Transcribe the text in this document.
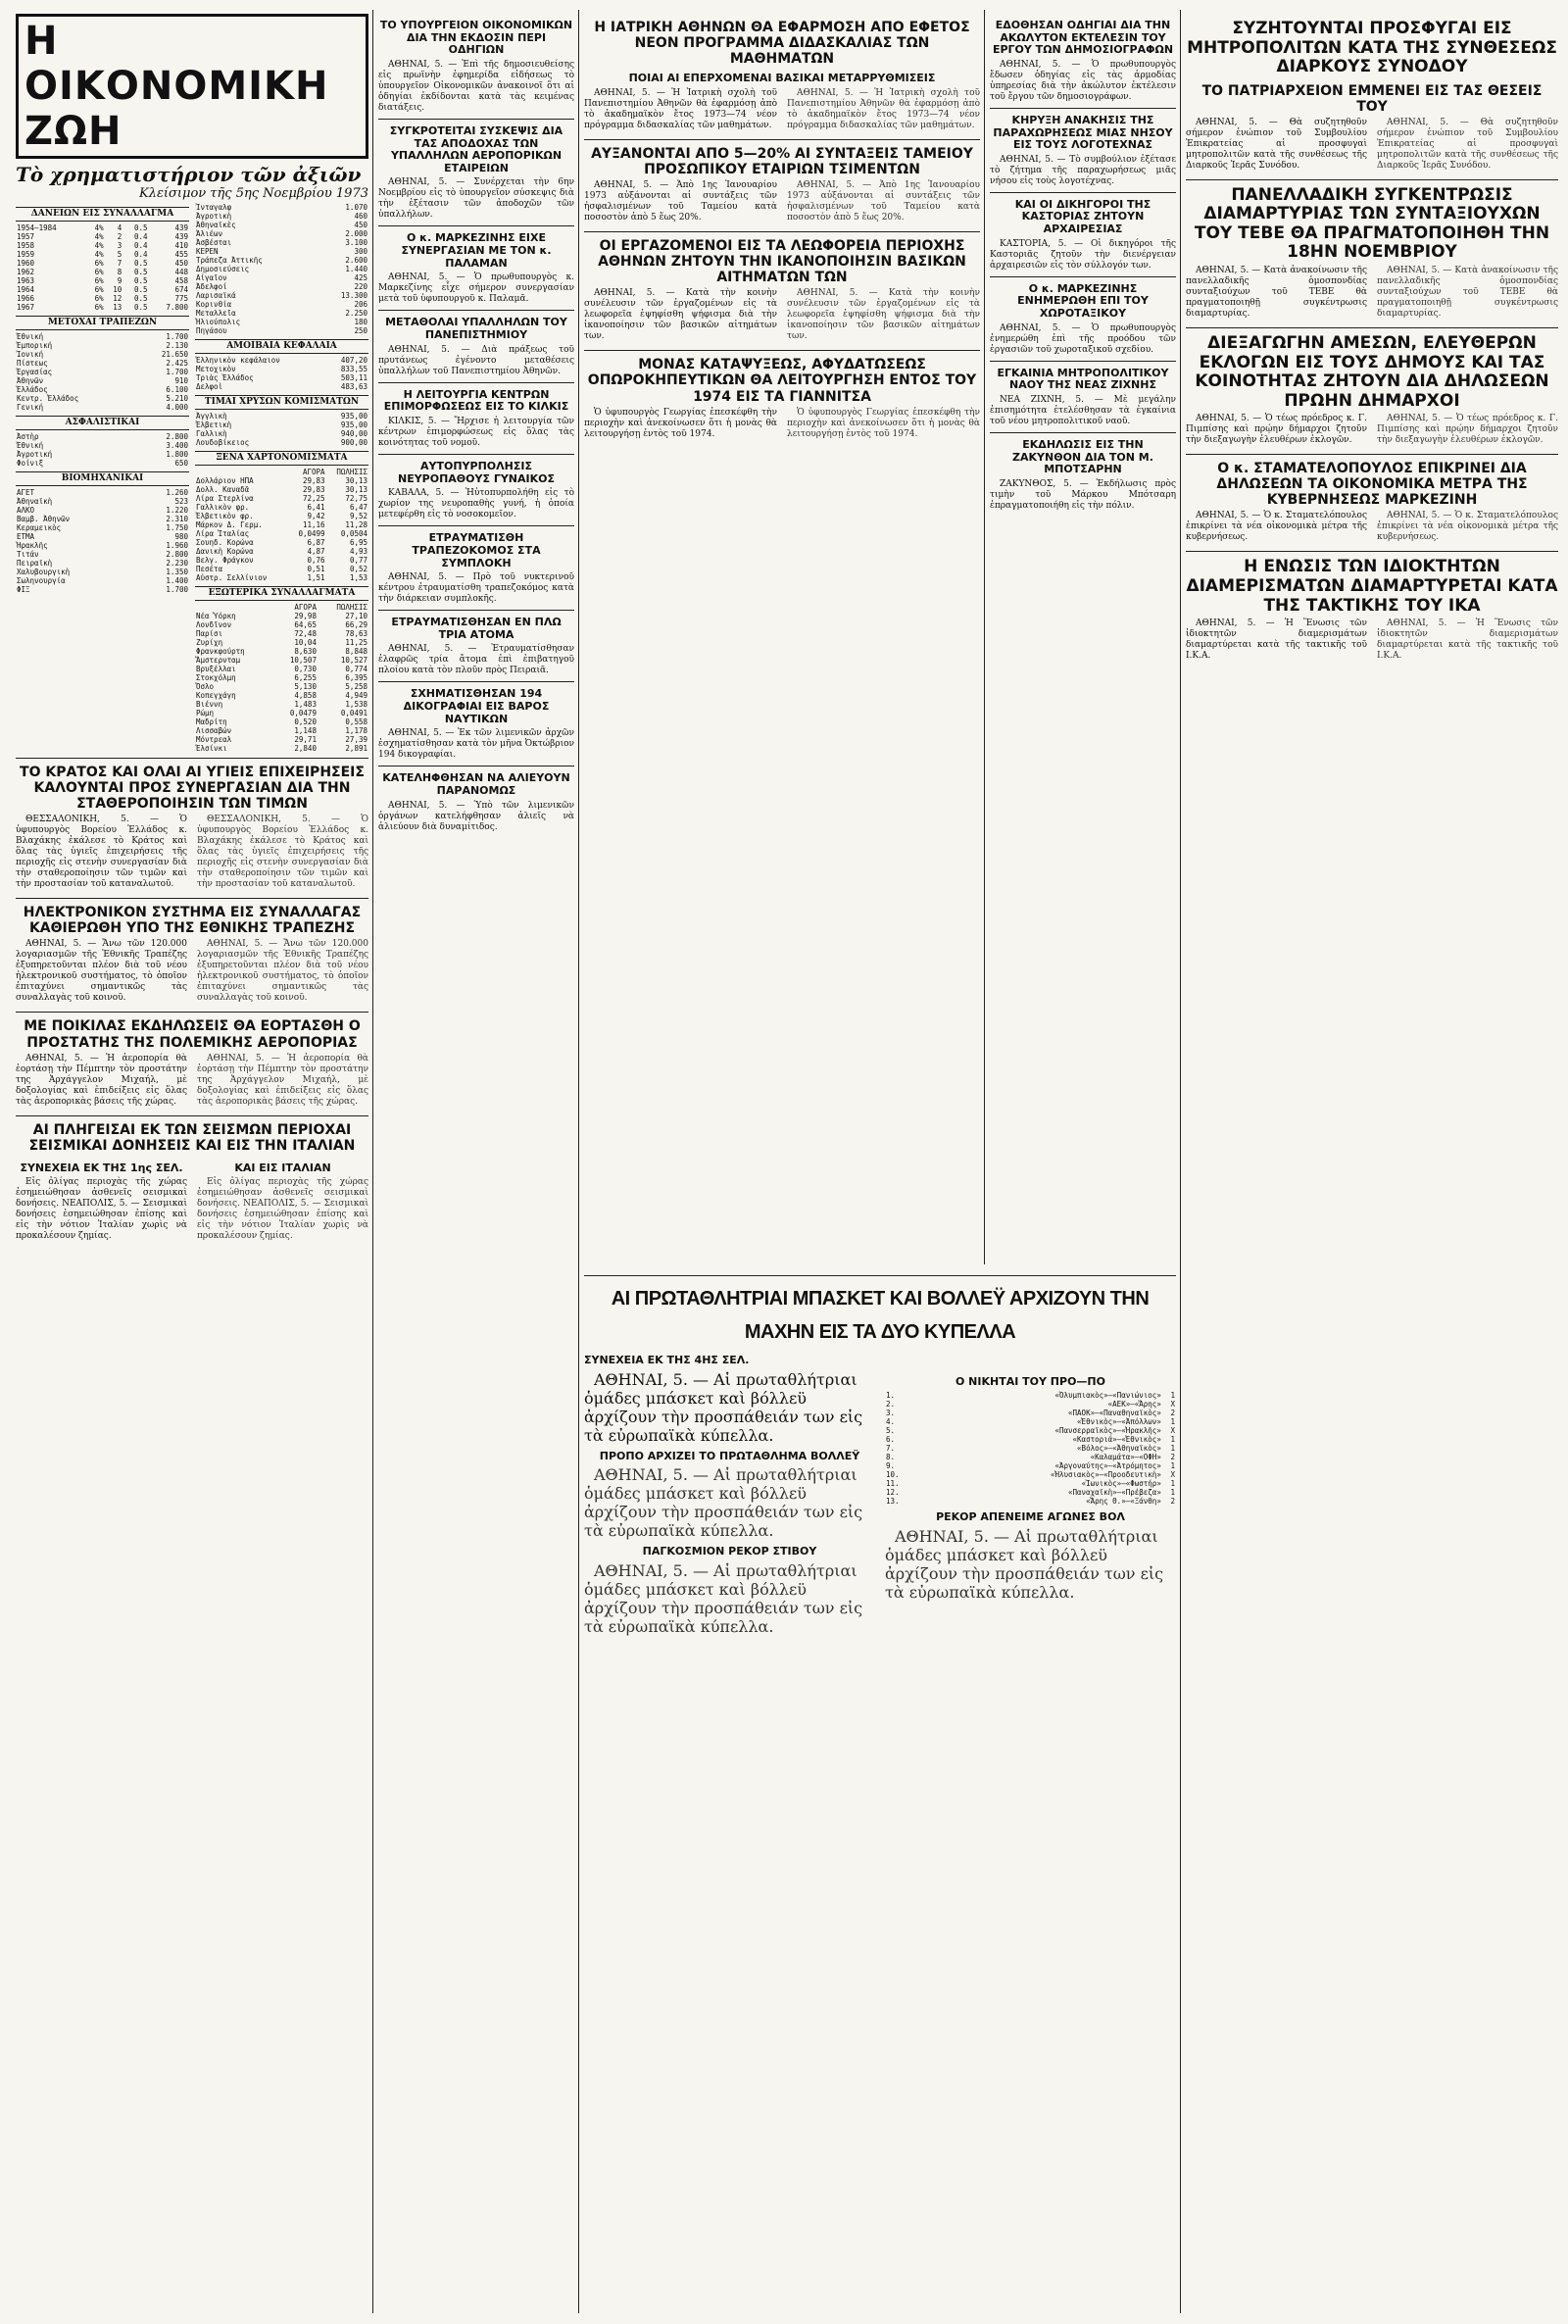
Η ΟΙΚΟΝΟΜΙΚΗ ΖΩΗ
Τὸ χρηματιστήριον τῶν ἀξιῶν
Κλείσιμον τῆς 5ης Νοεμβρίου 1973
ΔΑΝΕΙΩΝ ΕΙΣ ΣΥΝΑΛΛΑΓΜΑ
1954—1984	4%	4	0.5	439
1957	4%	2	0.4	439
1958	4%	3	0.4	410
1959	4%	5	0.4	455
1960	6%	7	0.5	450
1962	6%	8	0.5	448
1963	6%	9	0.5	458
1964	6%	10	0.5	674
1966	6%	12	0.5	775
1967	6%	13	0.5	7.800
ΜΕΤΟΧΑΙ ΤΡΑΠΕΖΩΝ
Ἐθνική	1.700
Ἐμπορική	2.130
Ἰονική	21.650
Πίστεως	2.425
Ἐργασίας	1.700
Ἀθηνῶν	910
Ἑλλάδος	6.100
Κεντρ. Ἑλλάδος	5.210
Γενική	4.000
ΑΣΦΑΛΙΣΤΙΚΑΙ
Ἀστὴρ	2.800
Ἐθνική	3.400
Ἀγροτική	1.800
Φοίνιξ	650
ΒΙΟΜΗΧΑΝΙΚΑΙ
ΑΓΕΤ	1.260
Ἀθηναϊκὴ	523
ΑΛΚΟ	1.220
Βαμβ. Ἀθηνῶν	2.310
Κεραμεικὸς	1.750
ΕΤΜΑ	980
Ἡρακλῆς	1.960
Τιτάν	2.800
Πειραϊκὴ	2.230
Χαλυβουργικὴ	1.350
Σωληνουργία	1.400
ΦΙΞ	1.700
Ἰνταγαλφ	1.070
Ἀγροτικὴ	460
Ἀθηναϊκὲς	450
Ἁλιέων	2.000
Ἀσβέσται	3.100
ΚΕΡΕΝ	300
Τράπεζα Ἀττικῆς	2.600
Δημοσιεύσεις	1.440
Αἰγαῖον	425
Ἀδελφοί	220
Λαρισαϊκά	13.300
Κορινθία	206
Μεταλλεῖα	2.250
Ἡλιούπολις	180
Πηγάσου	250
ΑΜΟΙΒΑΙΑ ΚΕΦΑΛΑΙΑ
Ἑλληνικὸν κεφάλαιον	407,20
Μετοχικὸν	833,55
Τριὰς Ἑλλάδος	503,11
Δελφοὶ	483,63
ΤΙΜΑΙ ΧΡΥΣΩΝ ΚΟΜΙΣΜΑΤΩΝ
Ἀγγλικὴ	935,00
Ἐλβετικὴ	935,00
Γαλλικὴ	940,00
Λουδοβίκειος	900,00
ΞΕΝΑ ΧΑΡΤΟΝΟΜΙΣΜΑΤΑ
	ΑΓΟΡΑ	ΠΩΛΗΣΙΣ
Δολλάριον ΗΠΑ	29,83	30,13
Δολλ. Καναδᾶ	29,83	30,13
Λίρα Στερλίνα	72,25	72,75
Γαλλικὸν φρ.	6,41	6,47
Ἐλβετικὸν φρ.	9,42	9,52
Μάρκον Δ. Γερμ.	11,16	11,28
Λίρα Ἰταλίας	0,0499	0,0504
Σουηδ. Κορώνα	6,87	6,95
Δανικὴ Κορώνα	4,87	4,93
Βελγ. Φράγκον	0,76	0,77
Πεσέτα	0,51	0,52
Αὐστρ. Σελλίνιον	1,51	1,53
ΕΞΩΤΕΡΙΚΑ ΣΥΝΑΛΛΑΓΜΑΤΑ
	ΑΓΟΡΑ	ΠΩΛΗΣΙΣ
Νέα Ὑόρκη	29,98	27,10
Λονδῖνον	64,65	66,29
Παρίσι	72,48	78,63
Ζυρίχη	10,04	11,25
Φρανκφούρτη	8,630	8,848
Ἄμστερνταμ	10,507	10,527
Βρυξέλλαι	0,730	0,774
Στοκχόλμη	6,255	6,395
Ὄσλο	5,130	5,258
Κοπεγχάγη	4,858	4,949
Βιέννη	1,483	1,538
Ρώμη	0,0479	0,0491
Μαδρίτη	0,520	0,558
Λισσαβών	1,148	1,178
Μόντρεαλ	29,71	27,39
Ἑλσίνκι	2,840	2,891
ΤΟ ΚΡΑΤΟΣ ΚΑΙ ΟΛΑΙ ΑΙ ΥΓΙΕΙΣ ΕΠΙΧΕΙΡΗΣΕΙΣ ΚΑΛΟΥΝΤΑΙ ΠΡΟΣ ΣΥΝΕΡΓΑΣΙΑΝ ΔΙΑ ΤΗΝ ΣΤΑΘΕΡΟΠΟΙΗΣΙΝ ΤΩΝ ΤΙΜΩΝ

ΘΕΣΣΑΛΟΝΙΚΗ, 5. — Ὁ ὑφυπουργὸς Βορείου Ἑλλάδος κ. Βλαχάκης ἐκάλεσε τὸ Κράτος καὶ ὅλας τὰς ὑγιεῖς ἐπιχειρήσεις τῆς περιοχῆς εἰς στενὴν συνεργασίαν διὰ τὴν σταθεροποίησιν τῶν τιμῶν καὶ τὴν προστασίαν τοῦ καταναλωτοῦ.

ΘΕΣΣΑΛΟΝΙΚΗ, 5. — Ὁ ὑφυπουργὸς Βορείου Ἑλλάδος κ. Βλαχάκης ἐκάλεσε τὸ Κράτος καὶ ὅλας τὰς ὑγιεῖς ἐπιχειρήσεις τῆς περιοχῆς εἰς στενὴν συνεργασίαν διὰ τὴν σταθεροποίησιν τῶν τιμῶν καὶ τὴν προστασίαν τοῦ καταναλωτοῦ.

ΗΛΕΚΤΡΟΝΙΚΟΝ ΣΥΣΤΗΜΑ ΕΙΣ ΣΥΝΑΛΛΑΓΑΣ ΚΑΘΙΕΡΩΘΗ ΥΠΟ ΤΗΣ ΕΘΝΙΚΗΣ ΤΡΑΠΕΖΗΣ

ΑΘΗΝΑΙ, 5. — Ἄνω τῶν 120.000 λογαριασμῶν τῆς Ἐθνικῆς Τραπέζης ἐξυπηρετοῦνται πλέον διὰ τοῦ νέου ἠλεκτρονικοῦ συστήματος, τὸ ὁποῖον ἐπιταχύνει σημαντικῶς τὰς συναλλαγὰς τοῦ κοινοῦ.

ΑΘΗΝΑΙ, 5. — Ἄνω τῶν 120.000 λογαριασμῶν τῆς Ἐθνικῆς Τραπέζης ἐξυπηρετοῦνται πλέον διὰ τοῦ νέου ἠλεκτρονικοῦ συστήματος, τὸ ὁποῖον ἐπιταχύνει σημαντικῶς τὰς συναλλαγὰς τοῦ κοινοῦ.

ΜΕ ΠΟΙΚΙΛΑΣ ΕΚΔΗΛΩΣΕΙΣ ΘΑ ΕΟΡΤΑΣΘΗ Ο ΠΡΟΣΤΑΤΗΣ ΤΗΣ ΠΟΛΕΜΙΚΗΣ ΑΕΡΟΠΟΡΙΑΣ

ΑΘΗΝΑΙ, 5. — Ἡ ἀεροπορία θὰ ἑορτάσῃ τὴν Πέμπτην τὸν προστάτην της Ἀρχάγγελον Μιχαήλ, μὲ δοξολογίας καὶ ἐπιδείξεις εἰς ὅλας τὰς ἀεροπορικὰς βάσεις τῆς χώρας.

ΑΘΗΝΑΙ, 5. — Ἡ ἀεροπορία θὰ ἑορτάσῃ τὴν Πέμπτην τὸν προστάτην της Ἀρχάγγελον Μιχαήλ, μὲ δοξολογίας καὶ ἐπιδείξεις εἰς ὅλας τὰς ἀεροπορικὰς βάσεις τῆς χώρας.

ΑΙ ΠΛΗΓΕΙΣΑΙ ΕΚ ΤΩΝ ΣΕΙΣΜΩΝ ΠΕΡΙΟΧΑΙ ΣΕΙΣΜΙΚΑΙ ΔΟΝΗΣΕΙΣ ΚΑΙ ΕΙΣ ΤΗΝ ΙΤΑΛΙΑΝ
ΣΥΝΕΧΕΙΑ ΕΚ ΤΗΣ 1ης ΣΕΛ.

Εἰς ὀλίγας περιοχὰς τῆς χώρας ἐσημειώθησαν ἀσθενεῖς σεισμικαὶ δονήσεις. ΝΕΑΠΟΛΙΣ, 5. — Σεισμικαὶ δονήσεις ἐσημειώθησαν ἐπίσης καὶ εἰς τὴν νότιον Ἰταλίαν χωρὶς νὰ προκαλέσουν ζημίας.

ΚΑΙ ΕΙΣ ΙΤΑΛΙΑΝ

Εἰς ὀλίγας περιοχὰς τῆς χώρας ἐσημειώθησαν ἀσθενεῖς σεισμικαὶ δονήσεις. ΝΕΑΠΟΛΙΣ, 5. — Σεισμικαὶ δονήσεις ἐσημειώθησαν ἐπίσης καὶ εἰς τὴν νότιον Ἰταλίαν χωρὶς νὰ προκαλέσουν ζημίας.

ΤΟ ΥΠΟΥΡΓΕΙΟΝ ΟΙΚΟΝΟΜΙΚΩΝ ΔΙΑ ΤΗΝ ΕΚΔΟΣΙΝ ΠΕΡΙ ΟΔΗΓΙΩΝ

ΑΘΗΝΑΙ, 5. — Ἐπὶ τῆς δημοσιευθείσης εἰς πρωϊνὴν ἐφημερίδα εἰδήσεως τὸ ὑπουργεῖον Οἰκονομικῶν ἀνακοινοῖ ὅτι αἱ ὁδηγίαι ἐκδίδονται κατὰ τὰς κειμένας διατάξεις.

ΣΥΓΚΡΟΤΕΙΤΑΙ ΣΥΣΚΕΨΙΣ ΔΙΑ ΤΑΣ ΑΠΟΔΟΧΑΣ ΤΩΝ ΥΠΑΛΛΗΛΩΝ ΑΕΡΟΠΟΡΙΚΩΝ ΕΤΑΙΡΕΙΩΝ

ΑΘΗΝΑΙ, 5. — Συνέρχεται τὴν 6ην Νοεμβρίου εἰς τὸ ὑπουργεῖον σύσκεψις διὰ τὴν ἐξέτασιν τῶν ἀποδοχῶν τῶν ὑπαλλήλων.

Ο κ. ΜΑΡΚΕΖΙΝΗΣ ΕΙΧΕ ΣΥΝΕΡΓΑΣΙΑΝ ΜΕ ΤΟΝ κ. ΠΑΛΑΜΑΝ

ΑΘΗΝΑΙ, 5. — Ὁ πρωθυπουργὸς κ. Μαρκεζίνης εἶχε σήμερον συνεργασίαν μετὰ τοῦ ὑφυπουργοῦ κ. Παλαμᾶ.

ΜΕΤΑΘΟΛΑΙ ΥΠΑΛΛΗΛΩΝ ΤΟΥ ΠΑΝΕΠΙΣΤΗΜΙΟΥ

ΑΘΗΝΑΙ, 5. — Διὰ πράξεως τοῦ πρυτάνεως ἐγένοντο μεταθέσεις ὑπαλλήλων τοῦ Πανεπιστημίου Ἀθηνῶν.

Η ΛΕΙΤΟΥΡΓΙΑ ΚΕΝΤΡΩΝ ΕΠΙΜΟΡΦΩΣΕΩΣ ΕΙΣ ΤΟ ΚΙΛΚΙΣ

ΚΙΛΚΙΣ, 5. — Ἤρχισε ἡ λειτουργία τῶν κέντρων ἐπιμορφώσεως εἰς ὅλας τὰς κοινότητας τοῦ νομοῦ.

ΑΥΤΟΠΥΡΠΟΛΗΣΙΣ ΝΕΥΡΟΠΑΘΟΥΣ ΓΥΝΑΙΚΟΣ

ΚΑΒΑΛΑ, 5. — Ἠὐτοπυρπολήθη εἰς τὸ χωρίον της νευροπαθὴς γυνή, ἡ ὁποία μετεφέρθη εἰς τὸ νοσοκομεῖον.

ΕΤΡΑΥΜΑΤΙΣΘΗ ΤΡΑΠΕΖΟΚΟΜΟΣ ΣΤΑ ΣΥΜΠΛΟΚΗ

ΑΘΗΝΑΙ, 5. — Πρὸ τοῦ νυκτερινοῦ κέντρου ἐτραυματίσθη τραπεζοκόμος κατὰ τὴν διάρκειαν συμπλοκῆς.

ΕΤΡΑΥΜΑΤΙΣΘΗΣΑΝ ΕΝ ΠΛΩ ΤΡΙΑ ΑΤΟΜΑ

ΑΘΗΝΑΙ, 5. — Ἐτραυματίσθησαν ἐλαφρῶς τρία ἄτομα ἐπὶ ἐπιβατηγοῦ πλοίου κατὰ τὸν πλοῦν πρὸς Πειραιᾶ.

ΣΧΗΜΑΤΙΣΘΗΣΑΝ 194 ΔΙΚΟΓΡΑΦΙΑΙ ΕΙΣ ΒΑΡΟΣ ΝΑΥΤΙΚΩΝ

ΑΘΗΝΑΙ, 5. — Ἐκ τῶν λιμενικῶν ἀρχῶν ἐσχηματίσθησαν κατὰ τὸν μῆνα Ὀκτώβριον 194 δικογραφίαι.

ΚΑΤΕΛΗΦΘΗΣΑΝ ΝΑ ΑΛΙΕΥΟΥΝ ΠΑΡΑΝΟΜΩΣ

ΑΘΗΝΑΙ, 5. — Ὑπὸ τῶν λιμενικῶν ὀργάνων κατελήφθησαν ἁλιεῖς νὰ ἁλιεύουν διὰ δυναμίτιδος.

Η ΙΑΤΡΙΚΗ ΑΘΗΝΩΝ ΘΑ ΕΦΑΡΜΟΣΗ ΑΠΟ ΕΦΕΤΟΣ ΝΕΟΝ ΠΡΟΓΡΑΜΜΑ ΔΙΔΑΣΚΑΛΙΑΣ ΤΩΝ ΜΑΘΗΜΑΤΩΝ
ΠΟΙΑΙ ΑΙ ΕΠΕΡΧΟΜΕΝΑΙ ΒΑΣΙΚΑΙ ΜΕΤΑΡΡΥΘΜΙΣΕΙΣ

ΑΘΗΝΑΙ, 5. — Ἡ Ἰατρικὴ σχολὴ τοῦ Πανεπιστημίου Ἀθηνῶν θὰ ἐφαρμόσῃ ἀπὸ τὸ ἀκαδημαϊκὸν ἔτος 1973—74 νέον πρόγραμμα διδασκαλίας τῶν μαθημάτων.

ΑΘΗΝΑΙ, 5. — Ἡ Ἰατρικὴ σχολὴ τοῦ Πανεπιστημίου Ἀθηνῶν θὰ ἐφαρμόσῃ ἀπὸ τὸ ἀκαδημαϊκὸν ἔτος 1973—74 νέον πρόγραμμα διδασκαλίας τῶν μαθημάτων.

ΑΥΞΑΝΟΝΤΑΙ ΑΠΟ 5—20% ΑΙ ΣΥΝΤΑΞΕΙΣ ΤΑΜΕΙΟΥ ΠΡΟΣΩΠΙΚΟΥ ΕΤΑΙΡΙΩΝ ΤΣΙΜΕΝΤΩΝ

ΑΘΗΝΑΙ, 5. — Ἀπὸ 1ης Ἰανουαρίου 1973 αὐξάνονται αἱ συντάξεις τῶν ἠσφαλισμένων τοῦ Ταμείου κατὰ ποσοστὸν ἀπὸ 5 ἕως 20%.

ΑΘΗΝΑΙ, 5. — Ἀπὸ 1ης Ἰανουαρίου 1973 αὐξάνονται αἱ συντάξεις τῶν ἠσφαλισμένων τοῦ Ταμείου κατὰ ποσοστὸν ἀπὸ 5 ἕως 20%.

ΟΙ ΕΡΓΑΖΟΜΕΝΟΙ ΕΙΣ ΤΑ ΛΕΩΦΟΡΕΙΑ ΠΕΡΙΟΧΗΣ ΑΘΗΝΩΝ ΖΗΤΟΥΝ ΤΗΝ ΙΚΑΝΟΠΟΙΗΣΙΝ ΒΑΣΙΚΩΝ ΑΙΤΗΜΑΤΩΝ ΤΩΝ

ΑΘΗΝΑΙ, 5. — Κατὰ τὴν κοινὴν συνέλευσιν τῶν ἐργαζομένων εἰς τὰ λεωφορεῖα ἐψηφίσθη ψήφισμα διὰ τὴν ἱκανοποίησιν τῶν βασικῶν αἰτημάτων των.

ΑΘΗΝΑΙ, 5. — Κατὰ τὴν κοινὴν συνέλευσιν τῶν ἐργαζομένων εἰς τὰ λεωφορεῖα ἐψηφίσθη ψήφισμα διὰ τὴν ἱκανοποίησιν τῶν βασικῶν αἰτημάτων των.

ΜΟΝΑΣ ΚΑΤΑΨΥΞΕΩΣ, ΑΦΥΔΑΤΩΣΕΩΣ ΟΠΩΡΟΚΗΠΕΥΤΙΚΩΝ ΘΑ ΛΕΙΤΟΥΡΓΗΣΗ ΕΝΤΟΣ ΤΟΥ 1974 ΕΙΣ ΤΑ ΓΙΑΝΝΙΤΣΑ

Ὁ ὑφυπουργὸς Γεωργίας ἐπεσκέφθη τὴν περιοχὴν καὶ ἀνεκοίνωσεν ὅτι ἡ μονὰς θὰ λειτουργήσῃ ἐντὸς τοῦ 1974.

Ὁ ὑφυπουργὸς Γεωργίας ἐπεσκέφθη τὴν περιοχὴν καὶ ἀνεκοίνωσεν ὅτι ἡ μονὰς θὰ λειτουργήσῃ ἐντὸς τοῦ 1974.

ΕΔΟΘΗΣΑΝ ΟΔΗΓΙΑΙ ΔΙΑ ΤΗΝ ΑΚΩΛΥΤΟΝ ΕΚΤΕΛΕΣΙΝ ΤΟΥ ΕΡΓΟΥ ΤΩΝ ΔΗΜΟΣΙΟΓΡΑΦΩΝ

ΑΘΗΝΑΙ, 5. — Ὁ πρωθυπουργὸς ἔδωσεν ὁδηγίας εἰς τὰς ἀρμοδίας ὑπηρεσίας διὰ τὴν ἀκώλυτον ἐκτέλεσιν τοῦ ἔργου τῶν δημοσιογράφων.

ΚΗΡΥΞΗ ΑΝΑΚΗΣΙΣ ΤΗΣ ΠΑΡΑΧΩΡΗΣΕΩΣ ΜΙΑΣ ΝΗΣΟΥ ΕΙΣ ΤΟΥΣ ΛΟΓΟΤΕΧΝΑΣ

ΑΘΗΝΑΙ, 5. — Τὸ συμβούλιον ἐξέτασε τὸ ζήτημα τῆς παραχωρήσεως μιᾶς νήσου εἰς τοὺς λογοτέχνας.

ΚΑΙ ΟΙ ΔΙΚΗΓΟΡΟΙ ΤΗΣ ΚΑΣΤΟΡΙΑΣ ΖΗΤΟΥΝ ΑΡΧΑΙΡΕΣΙΑΣ

ΚΑΣΤΟΡΙΑ, 5. — Οἱ δικηγόροι τῆς Καστοριᾶς ζητοῦν τὴν διενέργειαν ἀρχαιρεσιῶν εἰς τὸν σύλλογόν των.

Ο κ. ΜΑΡΚΕΖΙΝΗΣ ΕΝΗΜΕΡΩΘΗ ΕΠΙ ΤΟΥ ΧΩΡΟΤΑΞΙΚΟΥ

ΑΘΗΝΑΙ, 5. — Ὁ πρωθυπουργὸς ἐνημερώθη ἐπὶ τῆς προόδου τῶν ἐργασιῶν τοῦ χωροταξικοῦ σχεδίου.

ΕΓΚΑΙΝΙΑ ΜΗΤΡΟΠΟΛΙΤΙΚΟΥ ΝΑΟΥ ΤΗΣ ΝΕΑΣ ΖΙΧΝΗΣ

ΝΕΑ ΖΙΧΝΗ, 5. — Μὲ μεγάλην ἐπισημότητα ἐτελέσθησαν τὰ ἐγκαίνια τοῦ νέου μητροπολιτικοῦ ναοῦ.

ΕΚΔΗΛΩΣΙΣ ΕΙΣ ΤΗΝ ΖΑΚΥΝΘΟΝ ΔΙΑ ΤΟΝ Μ. ΜΠΟΤΣΑΡΗΝ

ΖΑΚΥΝΘΟΣ, 5. — Ἐκδήλωσις πρὸς τιμὴν τοῦ Μάρκου Μπότσαρη ἐπραγματοποιήθη εἰς τὴν πόλιν.

ΑΙ ΠΡΩΤΑΘΛΗΤΡΙΑΙ ΜΠΑΣΚΕΤ ΚΑΙ ΒΟΛΛΕΫ ΑΡΧΙΖΟΥΝ ΤΗΝ ΜΑΧΗΝ ΕΙΣ ΤΑ ΔΥΟ ΚΥΠΕΛΛΑ
ΣΥΝΕΧΕΙΑ ΕΚ ΤΗΣ 4ΗΣ ΣΕΛ.

ΑΘΗΝΑΙ, 5. — Αἱ πρωταθλήτριαι ὁμάδες μπάσκετ καὶ βόλλεϋ ἀρχίζουν τὴν προσπάθειάν των εἰς τὰ εὐρωπαϊκὰ κύπελλα.

ΠΡΟΠΟ ΑΡΧΙΖΕΙ ΤΟ ΠΡΩΤΑΘΛΗΜΑ ΒΟΛΛΕΫ

ΑΘΗΝΑΙ, 5. — Αἱ πρωταθλήτριαι ὁμάδες μπάσκετ καὶ βόλλεϋ ἀρχίζουν τὴν προσπάθειάν των εἰς τὰ εὐρωπαϊκὰ κύπελλα.

ΠΑΓΚΟΣΜΙΟΝ ΡΕΚΟΡ ΣΤΙΒΟΥ

ΑΘΗΝΑΙ, 5. — Αἱ πρωταθλήτριαι ὁμάδες μπάσκετ καὶ βόλλεϋ ἀρχίζουν τὴν προσπάθειάν των εἰς τὰ εὐρωπαϊκὰ κύπελλα.

Ο ΝΙΚΗΤΑΙ ΤΟΥ ΠΡΟ—ΠΟ
1.	«Ὀλυμπιακὸς»—«Πανιώνιος»	1
2.	«ΑΕΚ»—«Ἄρης»	Χ
3.	«ΠΑΟΚ»—«Παναθηναϊκὸς»	2
4.	«Ἐθνικὸς»—«Ἀπόλλων»	1
5.	«Πανσερραϊκὸς»—«Ἡρακλῆς»	Χ
6.	«Καστοριά»—«Ἐθνικὸς»	1
7.	«Βόλος»—«Ἀθηναϊκὸς»	1
8.	«Καλαμάτα»—«ΟΦΗ»	2
9.	«Ἀργοναύτης»—«Ἀτρόμητος»	1
10.	«Ἠλυσιακὸς»—«Προοδευτικὴ»	Χ
11.	«Ἰωνικὸς»—«Φωστήρ»	1
12.	«Παναχαϊκὴ»—«Πρέβεζα»	1
13.	«Ἄρης Θ.»—«Ξάνθη»	2
ΡΕΚΟΡ ΑΠΕΝΕΙΜΕ ΑΓΩΝΕΣ ΒΟΛ

ΑΘΗΝΑΙ, 5. — Αἱ πρωταθλήτριαι ὁμάδες μπάσκετ καὶ βόλλεϋ ἀρχίζουν τὴν προσπάθειάν των εἰς τὰ εὐρωπαϊκὰ κύπελλα.

ΣΥΖΗΤΟΥΝΤΑΙ ΠΡΟΣΦΥΓΑΙ ΕΙΣ ΜΗΤΡΟΠΟΛΙΤΩΝ ΚΑΤΑ ΤΗΣ ΣΥΝΘΕΣΕΩΣ ΔΙΑΡΚΟΥΣ ΣΥΝΟΔΟΥ
ΤΟ ΠΑΤΡΙΑΡΧΕΙΟΝ ΕΜΜΕΝΕΙ ΕΙΣ ΤΑΣ ΘΕΣΕΙΣ ΤΟΥ

ΑΘΗΝΑΙ, 5. — Θὰ συζητηθοῦν σήμερον ἐνώπιον τοῦ Συμβουλίου Ἐπικρατείας αἱ προσφυγαὶ μητροπολιτῶν κατὰ τῆς συνθέσεως τῆς Διαρκοῦς Ἱερᾶς Συνόδου.

ΑΘΗΝΑΙ, 5. — Θὰ συζητηθοῦν σήμερον ἐνώπιον τοῦ Συμβουλίου Ἐπικρατείας αἱ προσφυγαὶ μητροπολιτῶν κατὰ τῆς συνθέσεως τῆς Διαρκοῦς Ἱερᾶς Συνόδου.

ΠΑΝΕΛΛΑΔΙΚΗ ΣΥΓΚΕΝΤΡΩΣΙΣ ΔΙΑΜΑΡΤΥΡΙΑΣ ΤΩΝ ΣΥΝΤΑΞΙΟΥΧΩΝ ΤΟΥ ΤΕΒΕ ΘΑ ΠΡΑΓΜΑΤΟΠΟΙΗΘΗ ΤΗΝ 18ΗΝ ΝΟΕΜΒΡΙΟΥ

ΑΘΗΝΑΙ, 5. — Κατὰ ἀνακοίνωσιν τῆς πανελλαδικῆς ὁμοσπονδίας συνταξιούχων τοῦ ΤΕΒΕ θὰ πραγματοποιηθῇ συγκέντρωσις διαμαρτυρίας.

ΑΘΗΝΑΙ, 5. — Κατὰ ἀνακοίνωσιν τῆς πανελλαδικῆς ὁμοσπονδίας συνταξιούχων τοῦ ΤΕΒΕ θὰ πραγματοποιηθῇ συγκέντρωσις διαμαρτυρίας.

ΔΙΕΞΑΓΩΓΗΝ ΑΜΕΣΩΝ, ΕΛΕΥΘΕΡΩΝ ΕΚΛΟΓΩΝ ΕΙΣ ΤΟΥΣ ΔΗΜΟΥΣ ΚΑΙ ΤΑΣ ΚΟΙΝΟΤΗΤΑΣ ΖΗΤΟΥΝ ΔΙΑ ΔΗΛΩΣΕΩΝ ΠΡΩΗΝ ΔΗΜΑΡΧΟΙ

ΑΘΗΝΑΙ, 5. — Ὁ τέως πρόεδρος κ. Γ. Πιμπίσης καὶ πρῴην δήμαρχοι ζητοῦν τὴν διεξαγωγὴν ἐλευθέρων ἐκλογῶν.

ΑΘΗΝΑΙ, 5. — Ὁ τέως πρόεδρος κ. Γ. Πιμπίσης καὶ πρῴην δήμαρχοι ζητοῦν τὴν διεξαγωγὴν ἐλευθέρων ἐκλογῶν.

Ο κ. ΣΤΑΜΑΤΕΛΟΠΟΥΛΟΣ ΕΠΙΚΡΙΝΕΙ ΔΙΑ ΔΗΛΩΣΕΩΝ ΤΑ ΟΙΚΟΝΟΜΙΚΑ ΜΕΤΡΑ ΤΗΣ ΚΥΒΕΡΝΗΣΕΩΣ ΜΑΡΚΕΖΙΝΗ

ΑΘΗΝΑΙ, 5. — Ὁ κ. Σταματελόπουλος ἐπικρίνει τὰ νέα οἰκονομικὰ μέτρα τῆς κυβερνήσεως.

ΑΘΗΝΑΙ, 5. — Ὁ κ. Σταματελόπουλος ἐπικρίνει τὰ νέα οἰκονομικὰ μέτρα τῆς κυβερνήσεως.

Η ΕΝΩΣΙΣ ΤΩΝ ΙΔΙΟΚΤΗΤΩΝ ΔΙΑΜΕΡΙΣΜΑΤΩΝ ΔΙΑΜΑΡΤΥΡΕΤΑΙ ΚΑΤΑ ΤΗΣ ΤΑΚΤΙΚΗΣ ΤΟΥ ΙΚΑ

ΑΘΗΝΑΙ, 5. — Ἡ Ἕνωσις τῶν ἰδιοκτητῶν διαμερισμάτων διαμαρτύρεται κατὰ τῆς τακτικῆς τοῦ Ι.Κ.Α.

ΑΘΗΝΑΙ, 5. — Ἡ Ἕνωσις τῶν ἰδιοκτητῶν διαμερισμάτων διαμαρτύρεται κατὰ τῆς τακτικῆς τοῦ Ι.Κ.Α.
